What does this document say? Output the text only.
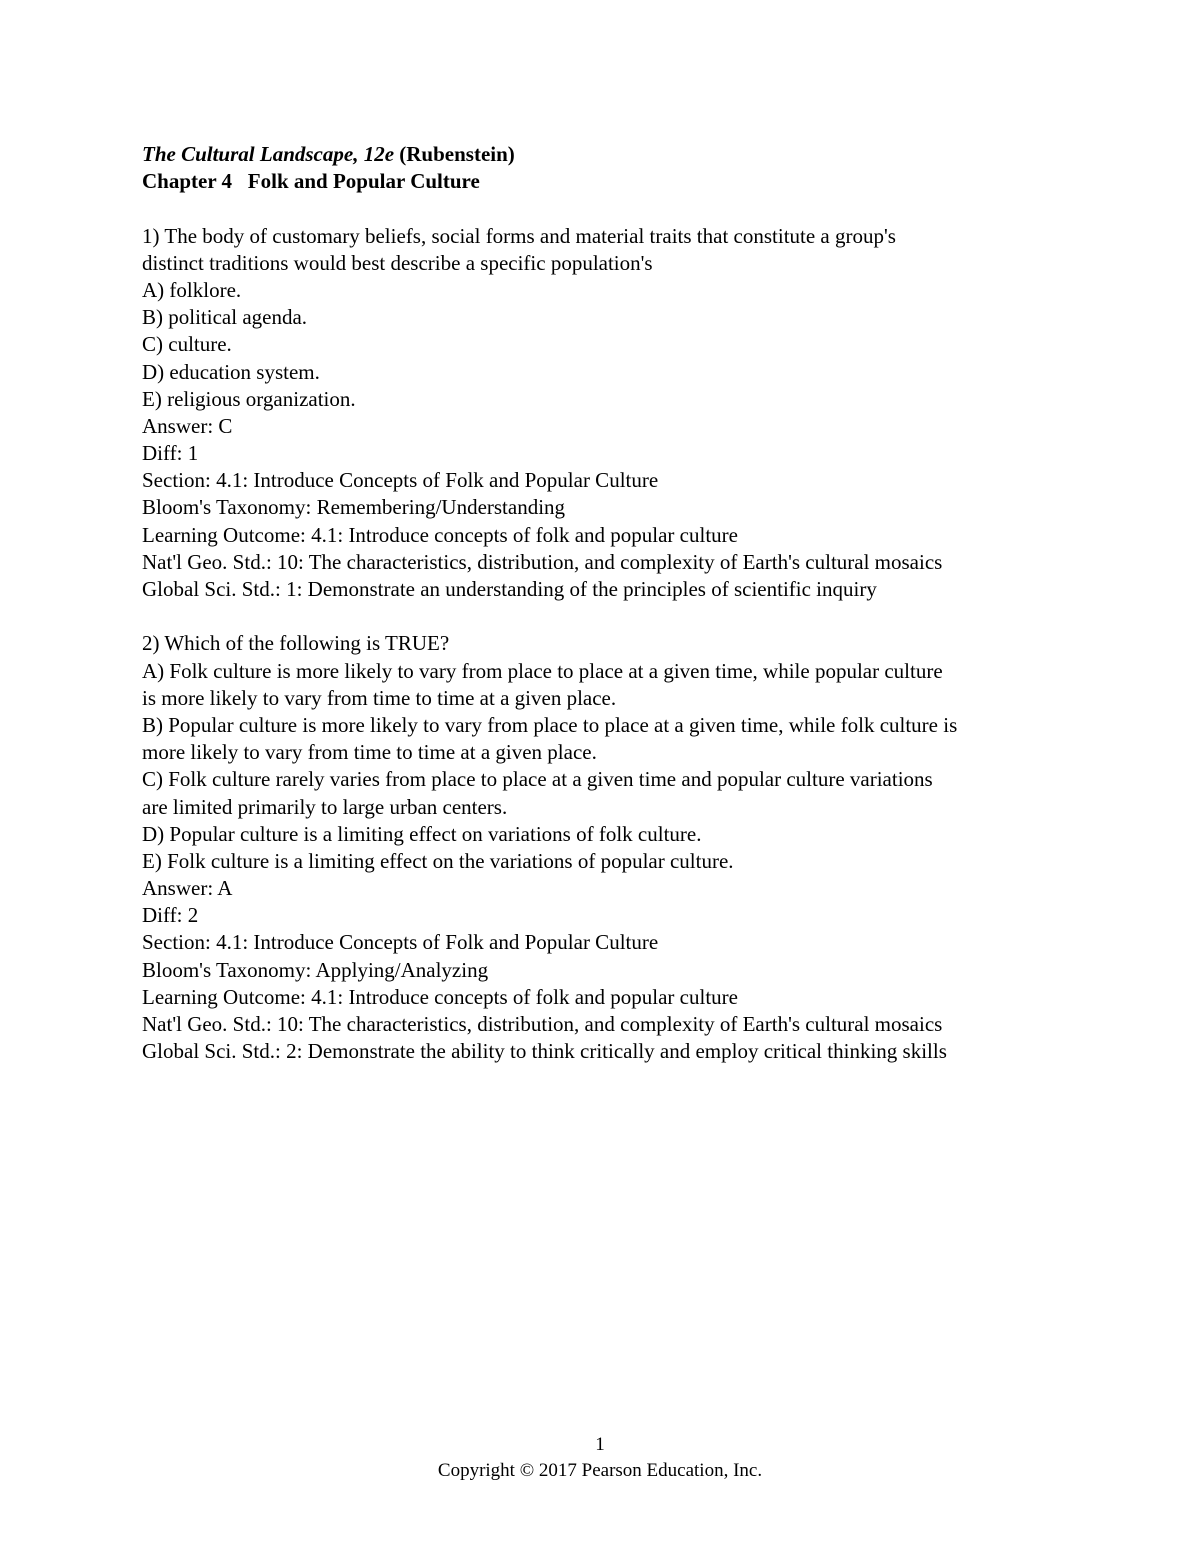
The Cultural Landscape, 12e (Rubenstein)
Chapter 4   Folk and Popular Culture
1) The body of customary beliefs, social forms and material traits that constitute a group's
distinct traditions would best describe a specific population's
A) folklore.
B) political agenda.
C) culture.
D) education system.
E) religious organization.
Answer: C
Diff: 1
Section: 4.1: Introduce Concepts of Folk and Popular Culture
Bloom's Taxonomy: Remembering/Understanding
Learning Outcome: 4.1: Introduce concepts of folk and popular culture
Nat'l Geo. Std.: 10: The characteristics, distribution, and complexity of Earth's cultural mosaics
Global Sci. Std.: 1: Demonstrate an understanding of the principles of scientific inquiry
2) Which of the following is TRUE?
A) Folk culture is more likely to vary from place to place at a given time, while popular culture
is more likely to vary from time to time at a given place.
B) Popular culture is more likely to vary from place to place at a given time, while folk culture is
more likely to vary from time to time at a given place.
C) Folk culture rarely varies from place to place at a given time and popular culture variations
are limited primarily to large urban centers.
D) Popular culture is a limiting effect on variations of folk culture.
E) Folk culture is a limiting effect on the variations of popular culture.
Answer: A
Diff: 2
Section: 4.1: Introduce Concepts of Folk and Popular Culture
Bloom's Taxonomy: Applying/Analyzing
Learning Outcome: 4.1: Introduce concepts of folk and popular culture
Nat'l Geo. Std.: 10: The characteristics, distribution, and complexity of Earth's cultural mosaics
Global Sci. Std.: 2: Demonstrate the ability to think critically and employ critical thinking skills
1
Copyright © 2017 Pearson Education, Inc.
